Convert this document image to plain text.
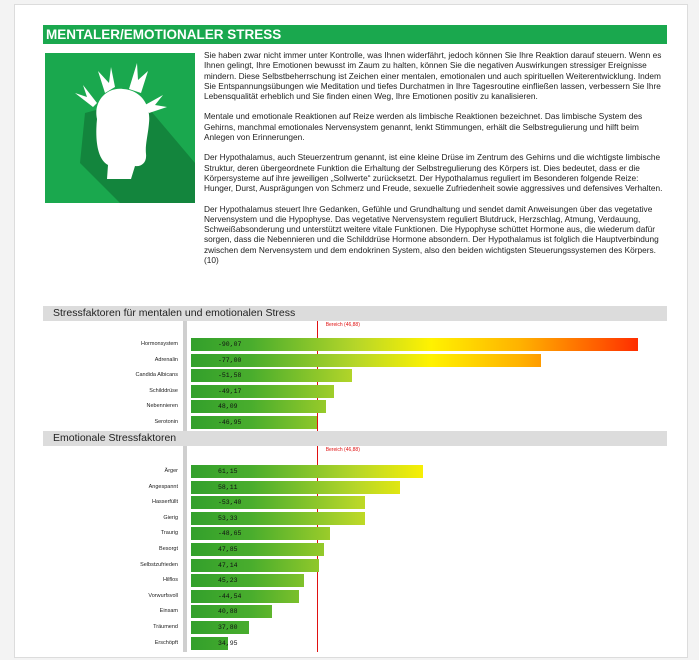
MENTALER/EMOTIONALER STRESS

Sie haben zwar nicht immer unter Kontrolle, was Ihnen widerfährt, jedoch können Sie Ihre Reaktion darauf steuern. Wenn es Ihnen gelingt, Ihre Emotionen bewusst im Zaum zu halten, können Sie die negativen Auswirkungen stressiger Ereignisse mindern. Diese Selbstbeherrschung ist Zeichen einer mentalen, emotionalen und auch spirituellen Weiterentwicklung. Indem Sie Entspannungsübungen wie Meditation und tiefes Durchatmen in Ihre Tagesroutine einfließen lassen, verbessern Sie Ihre Lebensqualität erheblich und Sie finden einen Weg, Ihre Emotionen positiv zu kanalisieren.

Mentale und emotionale Reaktionen auf Reize werden als limbische Reaktionen bezeichnet. Das limbische System des Gehirns, manchmal emotionales Nervensystem genannt, lenkt Stimmungen, erhält die Selbstregulierung und hilft beim Anlegen von Erinnerungen.

Der Hypothalamus, auch Steuerzentrum genannt, ist eine kleine Drüse im Zentrum des Gehirns und die wichtigste limbische Struktur, deren übergeordnete Funktion die Erhaltung der Selbstregulierung des Körpers ist. Dies bedeutet, dass er die Körpersysteme auf ihre jeweiligen „Sollwerte“ zurücksetzt. Der Hypothalamus reguliert im Besonderen folgende Reize: Hunger, Durst, Ausprägungen von Schmerz und Freude, sexuelle Zufriedenheit sowie aggressives und defensives Verhalten.

Der Hypothalamus steuert Ihre Gedanken, Gefühle und Grundhaltung und sendet damit Anweisungen über das vegetative Nervensystem und die Hypophyse. Das vegetative Nervensystem reguliert Blutdruck, Herzschlag, Atmung, Verdauung, Schweißabsonderung und unterstützt weitere vitale Funktionen. Die Hypophyse schüttet Hormone aus, die wiederum dafür sorgen, dass die Nebennieren und die Schilddrüse Hormone absondern. Der Hypothalamus ist folglich die Hauptverbindung zwischen dem Nervensystem und dem endokrinen System, also den beiden wichtigsten Steuerungssystemen des Körpers. (10)

Stressfaktoren für mentalen und emotionalen Stress
Bereich (46,88)
Hormonsystem	-90,07
Adrenalin	-77,00
Candida Albicans	-51,58
Schilddrüse	-49,17
Nebennieren	48,09
Serotonin	-46,95
Emotionale Stressfaktoren
Bereich (46,88)
Ärger	61,15
Angespannt	58,11
Hasserfüllt	-53,40
Gierig	53,33
Traurig	-48,65
Besorgt	47,85
Selbstzufrieden	47,14
Hilflos	45,23
Vorwurfsvoll	-44,54
Einsam	40,88
Träumend	37,80
Erschöpft	34,95
